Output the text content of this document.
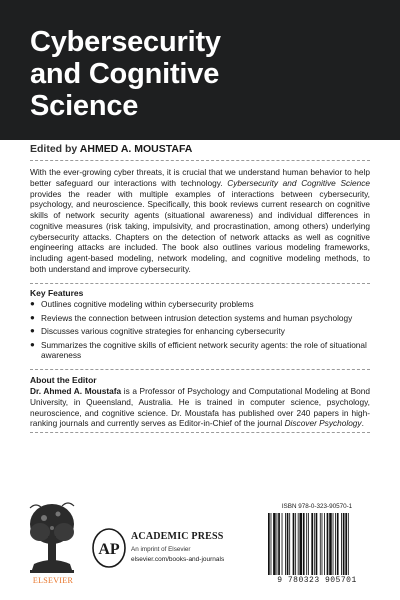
Cybersecurity
and Cognitive
Science
Edited by AHMED A. MOUSTAFA
With the ever-growing cyber threats, it is crucial that we understand human behavior to help better safeguard our interactions with technology. Cybersecurity and Cognitive Science provides the reader with multiple examples of interactions between cybersecurity, psychology, and neuroscience. Specifically, this book reviews current research on cognitive skills of network security agents (situational awareness) and individual differences in cognitive measures (risk taking, impulsivity, and procrastination, among others) underlying cybersecurity attacks. Chapters on the detection of network attacks as well as cognitive engineering attacks are included. The book also outlines various modeling frameworks, including agent-based modeling, network modeling, and cognitive modeling methods, to both understand and improve cybersecurity.
Key Features
● Outlines cognitive modeling within cybersecurity problems
● Reviews the connection between intrusion detection systems and human psychology
● Discusses various cognitive strategies for enhancing cybersecurity
● Summarizes the cognitive skills of efficient network security agents: the role of situational awareness
About the Editor
Dr. Ahmed A. Moustafa is a Professor of Psychology and Computational Modeling at Bond University, in Queensland, Australia. He is trained in computer science, psychology, neuroscience, and cognitive science. Dr. Moustafa has published over 240 papers in high-ranking journals and currently serves as Editor-in-Chief of the journal Discover Psychology.
ELSEVIER
AP
ACADEMIC PRESS
An imprint of Elsevier
elsevier.com/books-and-journals
ISBN 978-0-323-90570-1
9 780323 905701
